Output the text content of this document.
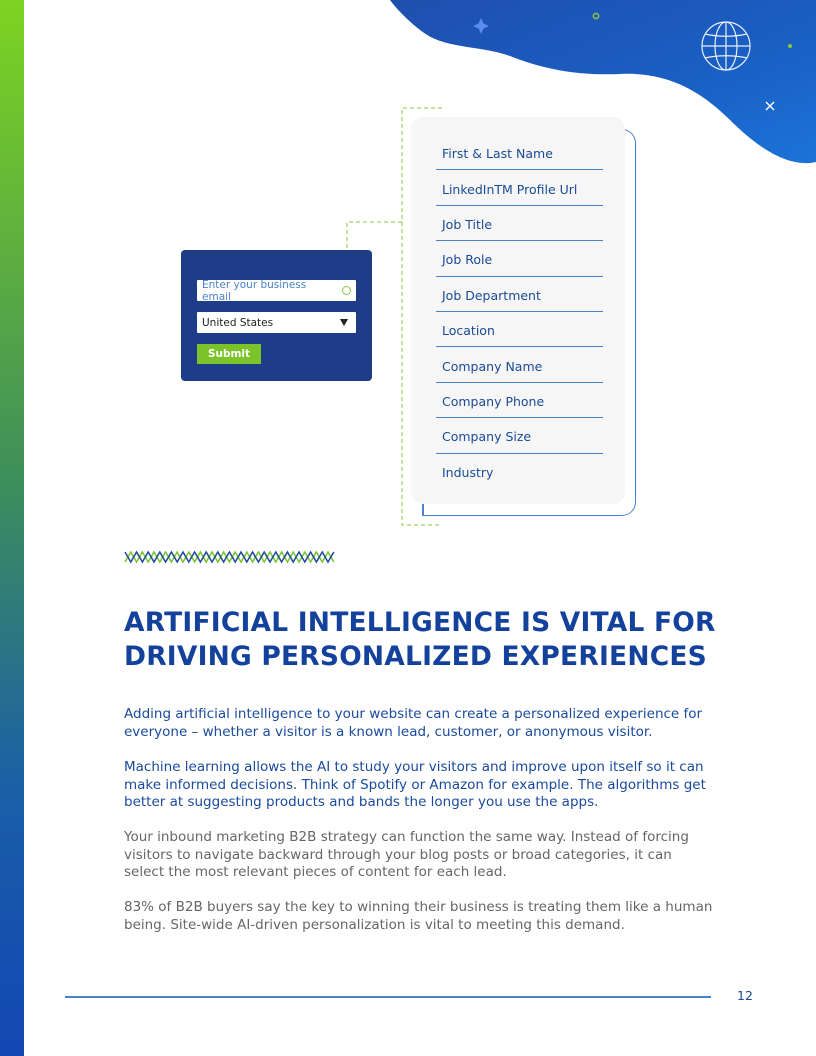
Enter your business email
United States
Submit
First & Last Name
LinkedInTM Profile Url
Job Title
Job Role
Job Department
Location
Company Name
Company Phone
Company Size
Industry
ARTIFICIAL INTELLIGENCE IS VITAL FOR
DRIVING PERSONALIZED EXPERIENCES

Adding artificial intelligence to your website can create a personalized experience for everyone – whether a visitor is a known lead, customer, or anonymous visitor.

Machine learning allows the AI to study your visitors and improve upon itself so it can make informed decisions. Think of Spotify or Amazon for example. The algorithms get better at suggesting products and bands the longer you use the apps.

Your inbound marketing B2B strategy can function the same way. Instead of forcing visitors to navigate backward through your blog posts or broad categories, it can select the most relevant pieces of content for each lead.

83% of B2B buyers say the key to winning their business is treating them like a human being. Site-wide AI-driven personalization is vital to meeting this demand.

12
